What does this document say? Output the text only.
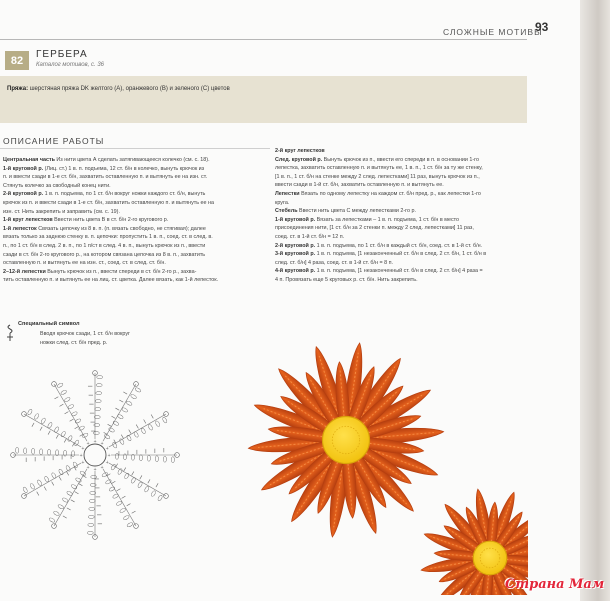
СЛОЖНЫЕ МОТИВЫ
93
82	ГЕРБЕРА
Каталог мотивов, с. 36
Пряжа: шерстяная пряжа DK желтого (A), оранжевого (B) и зеленого (C) цветов
ОПИСАНИЕ РАБОТЫ

Центральная часть Из нити цвета А сделать затягивающееся колечко (см. с. 18).

1-й круговой р. (Лиц. ст.) 1 в. п. подъема, 12 ст. б/н в колечко, вынуть крючок из

п. и ввести сзади в 1-е ст. б/н, захватить оставленную п. и вытянуть ее на изн. ст.

Стянуть колечко за свободный конец нити.

2-й круговой р. 1 в. п. подъема, по 1 ст. б/н вокруг ножки каждого ст. б/н, вынуть

крючок из п. и ввести сзади в 1-е ст. б/н, захватить оставленную п. и вытянуть ее на

изн. ст. Нить закрепить и заправить (см. с. 19).

1-й круг лепестков Ввести нить цвета В в ст. б/н 2-го кругового р.

1-й лепесток Связать цепочку из 8 в. п. (п. вязать свободно, не стягивая); далее

вязать только за заднюю стенку в. п. цепочки: пропустить 1 в. п., соед. ст. в след. в.

п., по 1 ст. б/н в след. 2 в. п., по 1 п/ст в след. 4 в. п., вынуть крючок из п., ввести

сзади в ст. б/н 2-го кругового р., на котором связана цепочка из 8 в. п., захватить

оставленную п. и вытянуть ее на изн. ст., соед. ст. в след. ст. б/н.

2–12-й лепестки Вынуть крючок из п., ввести спереди в ст. б/н 2-го р., захва-

тить оставленную п. и вытянуть ее на лиц. ст. цветка. Далее вязать, как 1-й лепесток.

2-й круг лепестков

След. круговой р. Вынуть крючок из п., ввести его спереди в п. в основании 1-го

лепестка, захватить оставленную п. и вытянуть ее, 1 в. п., 1 ст. б/н за ту же стенку,

[1 в. п., 1 ст. б/н на стенке между 2 след. лепестками] 11 раз, вынуть крючок из п.,

ввести сзади в 1-й ст. б/н, захватить оставленную п. и вытянуть ее.

Лепестки Вязать по одному лепестку на каждом ст. б/н пред. р., как лепестки 1-го

круга.

Стебель Ввести нить цвета С между лепестками 2-го р.

1-й круговой р. Вязать за лепестками – 1 в. п. подъема, 1 ст. б/н в место

присоединения нити, [1 ст. б/н за 2 стенки п. между 2 след. лепестками] 11 раз,

соед. ст. в 1-й ст. б/н = 12 п.

2-й круговой р. 1 в. п. подъема, по 1 ст. б/н в каждый ст. б/н, соед. ст. в 1-й ст. б/н.

3-й круговой р. 1 в. п. подъема, [1 незаконченный ст. б/н в след. 2 ст. б/н, 1 ст. б/н в

след. ст. б/н] 4 раза, соед. ст. в 1-й ст. б/н = 8 п.

4-й круговой р. 1 в. п. подъема, [1 незаконченный ст. б/н в след. 2 ст. б/н] 4 раза =

4 п. Провязать еще 5 круговых р. ст. б/н. Нить закрепить.

Специальный символ
Вводя крючок сзади, 1 ст. б/н вокруг
ножки след. ст. б/н пред. р.
+
+
+
+
+
+
+
+
+ + +
+
Страна Мам
